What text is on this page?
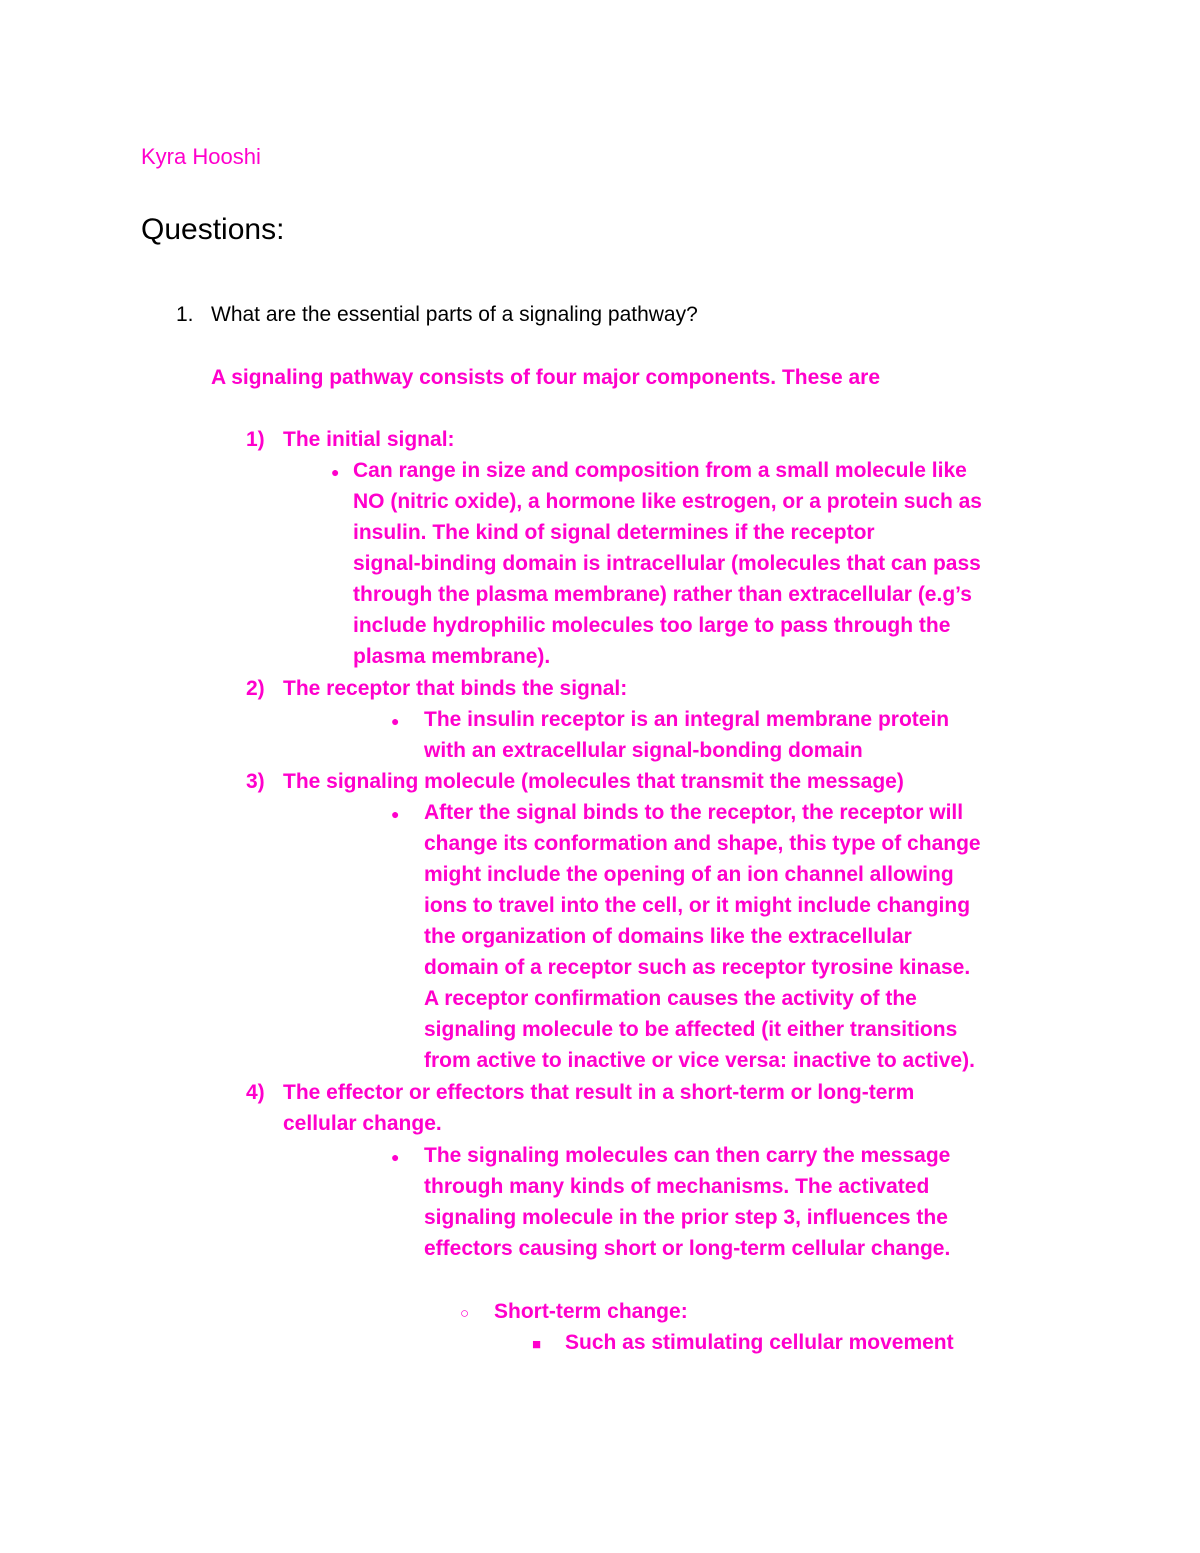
Kyra Hooshi
Questions:
1. What are the essential parts of a signaling pathway?
A signaling pathway consists of four major components. These are
1) The initial signal:
● Can range in size and composition from a small molecule like
NO (nitric oxide), a hormone like estrogen, or a protein such as
insulin. The kind of signal determines if the receptor
signal-binding domain is intracellular (molecules that can pass
through the plasma membrane) rather than extracellular (e.g’s
include hydrophilic molecules too large to pass through the
plasma membrane).
2) The receptor that binds the signal:
● The insulin receptor is an integral membrane protein
with an extracellular signal-bonding domain
3) The signaling molecule (molecules that transmit the message)
● After the signal binds to the receptor, the receptor will
change its conformation and shape, this type of change
might include the opening of an ion channel allowing
ions to travel into the cell, or it might include changing
the organization of domains like the extracellular
domain of a receptor such as receptor tyrosine kinase.
A receptor confirmation causes the activity of the
signaling molecule to be affected (it either transitions
from active to inactive or vice versa: inactive to active).
4) The effector or effectors that result in a short-term or long-term
cellular change.
● The signaling molecules can then carry the message
through many kinds of mechanisms. The activated
signaling molecule in the prior step 3, influences the
effectors causing short or long-term cellular change.
○ Short-term change:
■ Such as stimulating cellular movement
